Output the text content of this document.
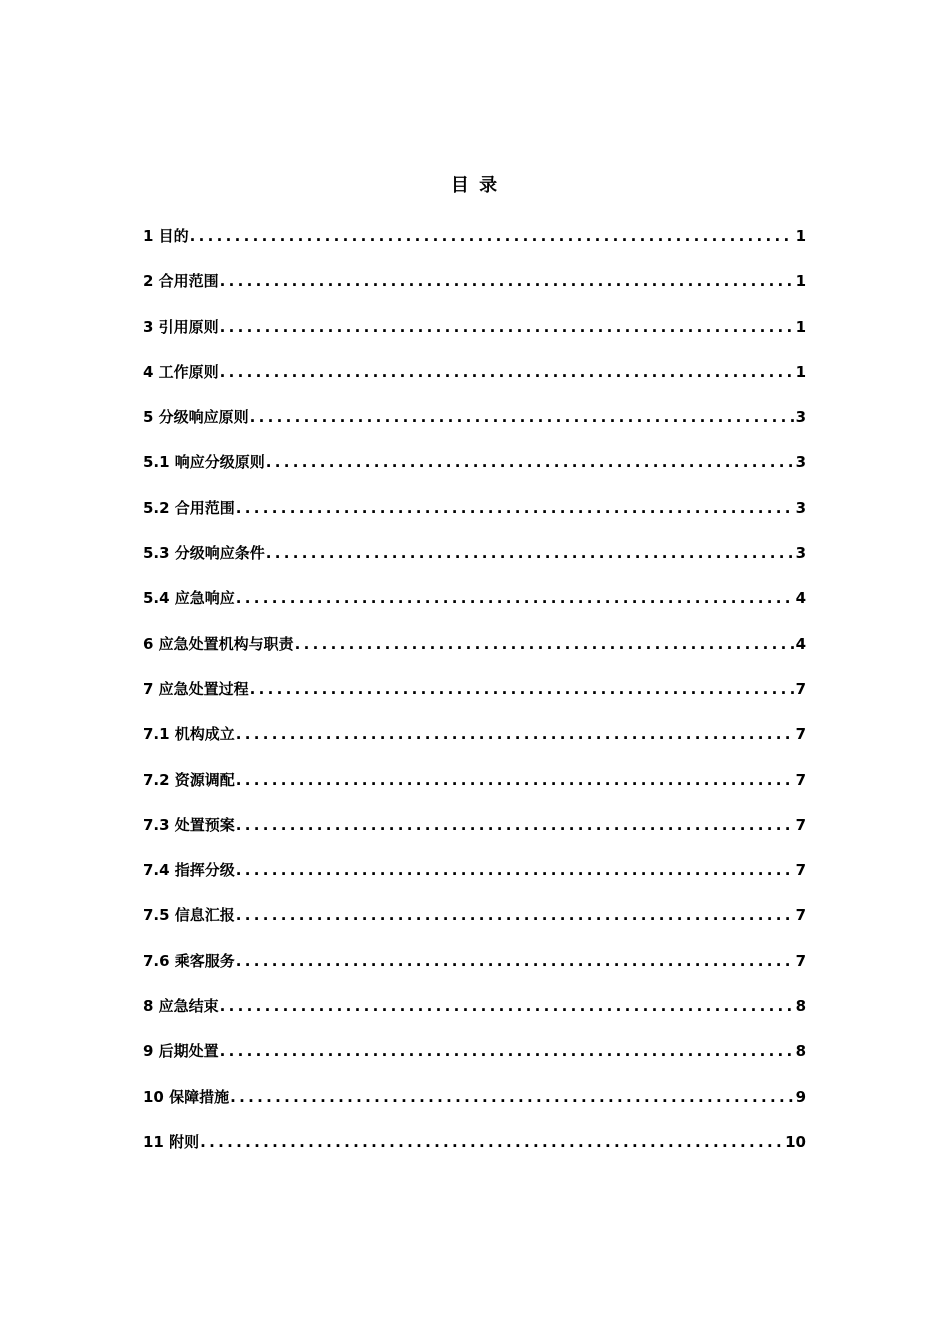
目 录
1 目的 .....	1
2 合用范围 .....	1
3 引用原则 .....	1
4 工作原则 .....	1
5 分级响应原则 .....	3
5.1 响应分级原则 .....	3
5.2 合用范围 .....	3
5.3 分级响应条件 .....	3
5.4 应急响应 .....	4
6 应急处置机构与职责 .....	4
7 应急处置过程 .....	7
7.1 机构成立 .....	7
7.2 资源调配 .....	7
7.3 处置预案 .....	7
7.4 指挥分级 .....	7
7.5 信息汇报 .....	7
7.6 乘客服务 .....	7
8 应急结束 .....	8
9 后期处置 .....	8
10 保障措施 .....	9
11 附则 .....	10
